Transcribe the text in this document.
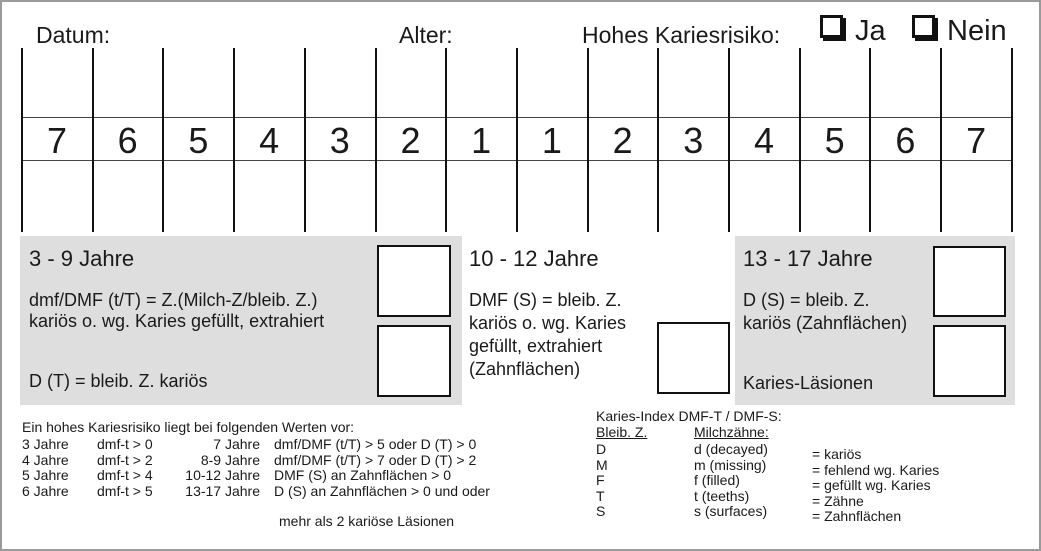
Datum:	Alter:	Hohes Kariesrisiko:	Ja	Nein
3 - 9 Jahre
dmf/DMF (t/T) = Z.(Milch-Z/bleib. Z.)
kariös o. wg. Karies gefüllt, extrahiert
D (T) = bleib. Z. kariös
10 - 12 Jahre
DMF (S) = bleib. Z.
kariös o. wg. Karies
gefüllt, extrahiert
(Zahnflächen)
13 - 17 Jahre
D (S) = bleib. Z.
kariös (Zahnflächen)
Karies-Läsionen
Ein hohes Kariesrisiko liegt bei folgenden Werten vor:
mehr als 2 kariöse Läsionen
Karies-Index DMF-T / DMF-S:
Bleib. Z.	Milchzähne:
7	6	5	4	3	2	1	1	2	3	4	5	6	7
3 Jahre dmf-t > 0
4 Jahre dmf-t > 2
5 Jahre dmf-t > 4
6 Jahre dmf-t > 5
7 Jahre dmf/DMF (t/T) > 5 oder D (T) > 0
8-9 Jahre dmf/DMF (t/T) > 7 oder D (T) > 2
10-12 Jahre DMF (S) an Zahnflächen > 0
13-17 Jahre D (S) an Zahnflächen > 0 und oder
D	d (decayed)	= kariös
M	m (missing)	= fehlend wg. Karies
F	f (filled)	= gefüllt wg. Karies
T	t (teeths)	= Zähne
S	s (surfaces)	= Zahnflächen
